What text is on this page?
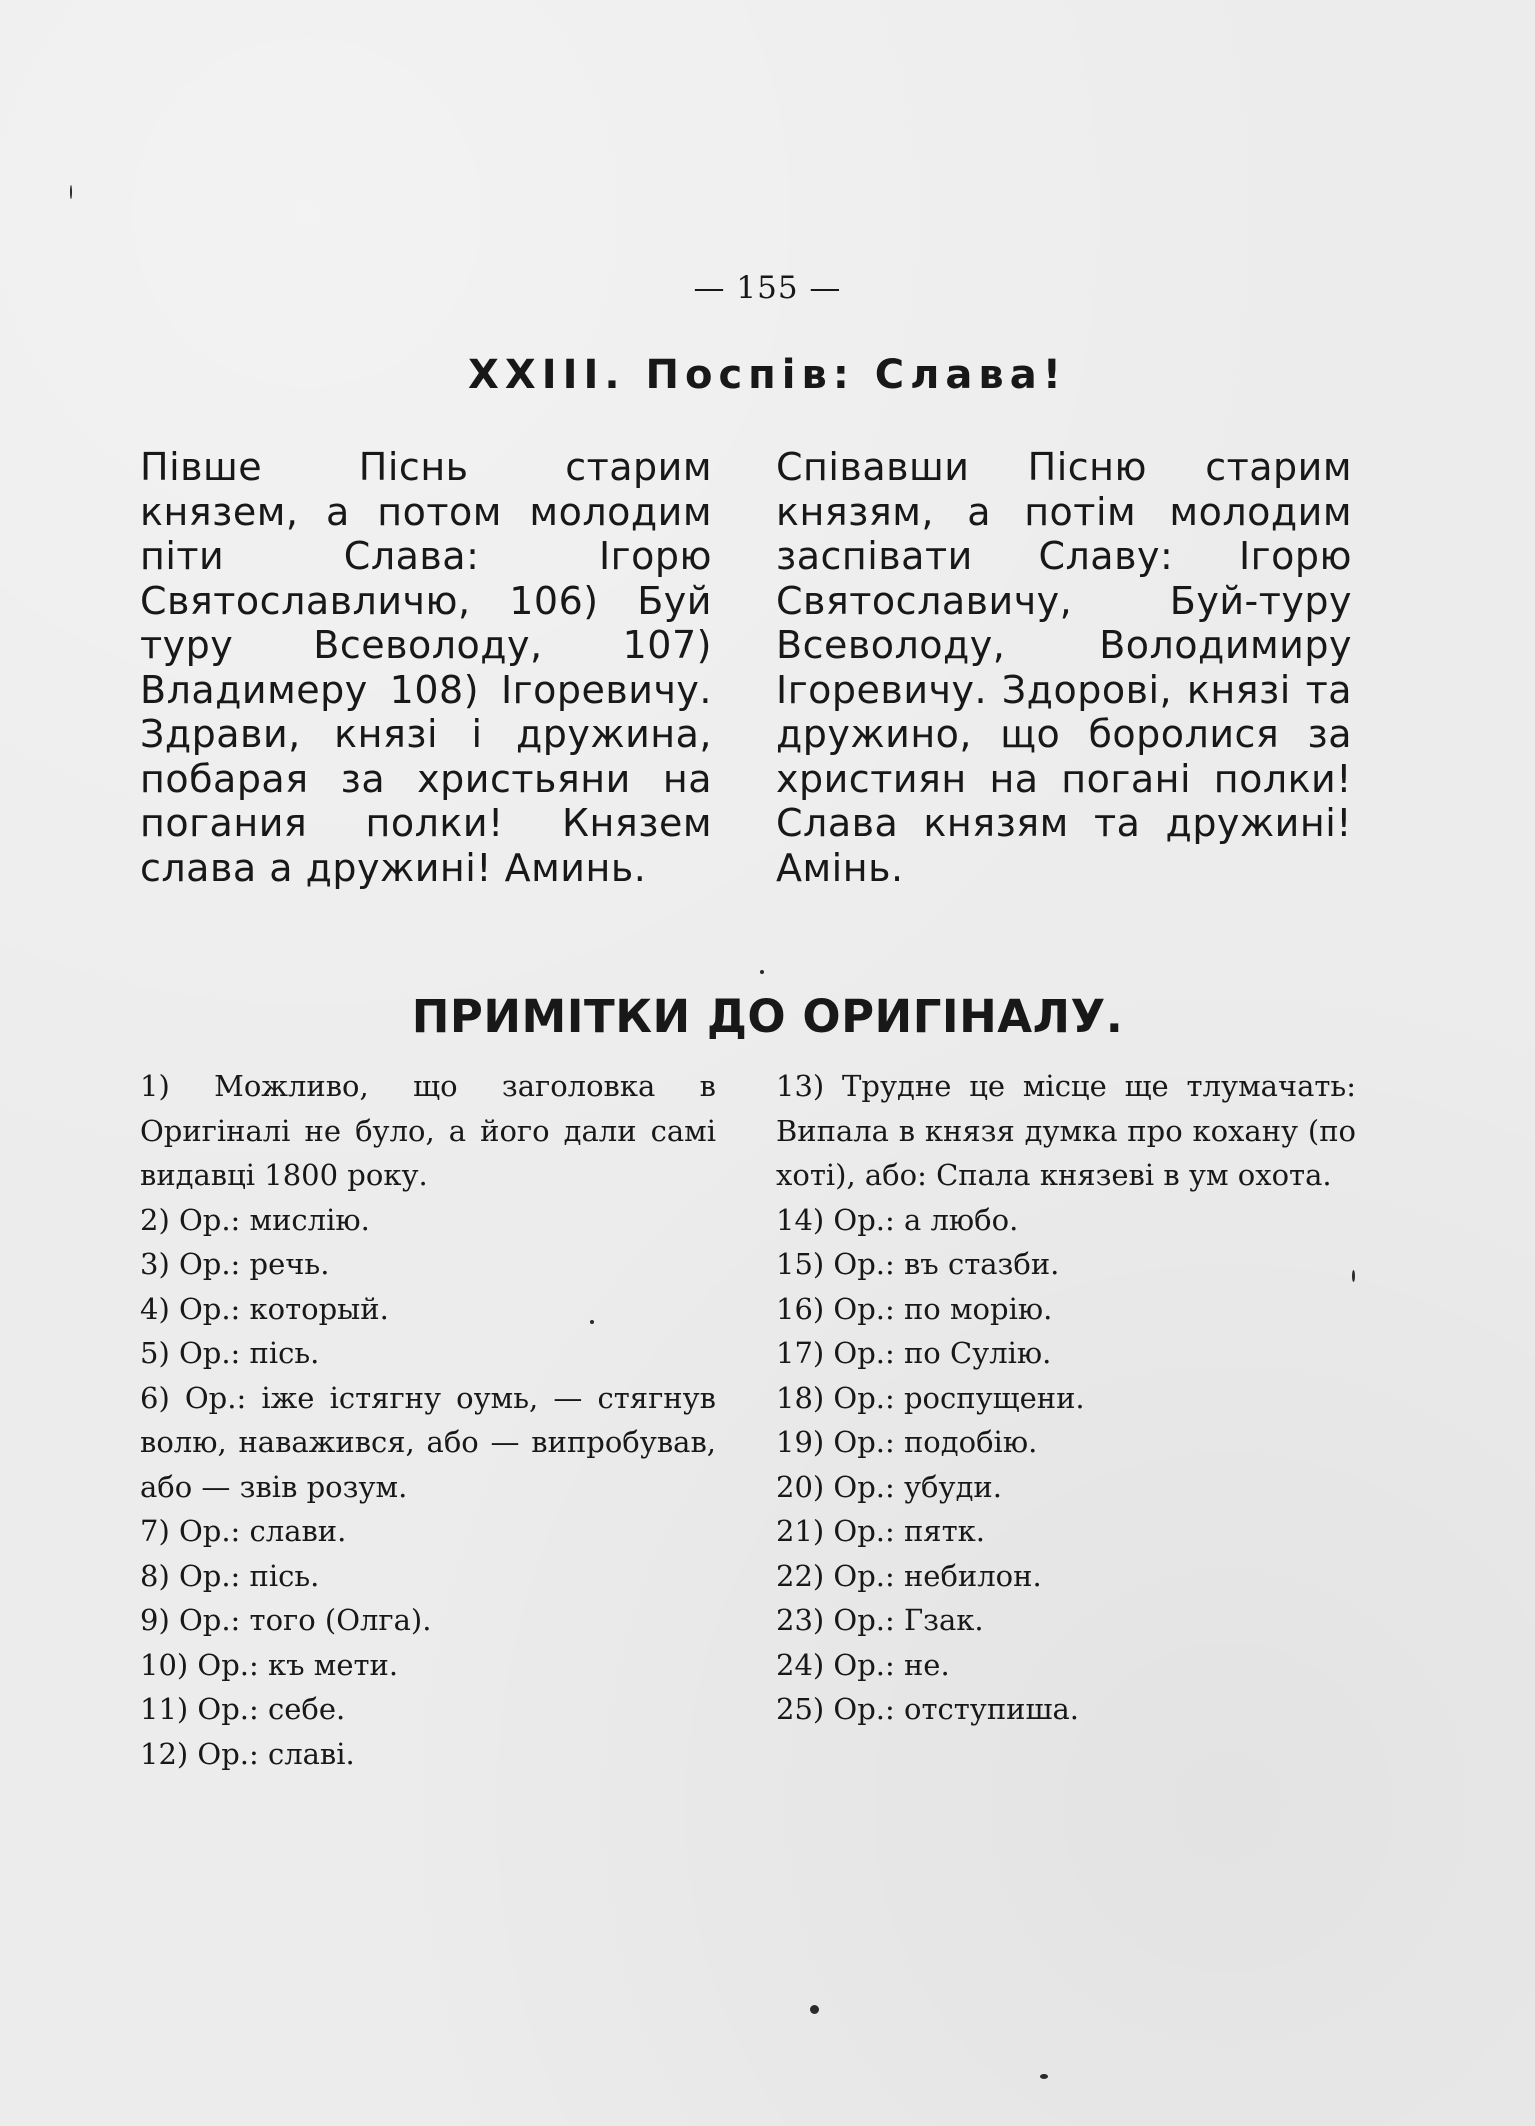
— 155 —
XXIII. Поспів: Слава!
Півше Піснь старим князем, а потом молодим піти Слава: Ігорю Святославличю, 106) Буй туру Всеволоду, 107) Владимеру 108) Ігоревичу. Здрави, князі і дружина, побарая за христьяни на погания полки! Князем слава а дружині! Аминь.
Співавши Пісню старим князям, а потім молодим заспівати Славу: Ігорю Святославичу, Буй-туру Всеволоду, Володимиру Ігоревичу. Здорові, князі та дружино, що боролися за християн на погані полки! Слава князям та дружині! Амінь.
ПРИМІТКИ ДО ОРИГІНАЛУ.
1) Можливо, що заголовка в Оригіналі не було, а його дали самі видавці 1800 року.
2) Ор.: мислію.
3) Ор.: речь.
4) Ор.: который.
5) Ор.: пісь.
6) Ор.: іже істягну оумь, — стягнув волю, наважився, або — випробував, або — звів розум.
7) Ор.: слави.
8) Ор.: пісь.
9) Ор.: того (Олга).
10) Ор.: къ мети.
11) Ор.: себе.
12) Ор.: славі.
13) Трудне це місце ще тлумачать: Випала в князя думка про кохану (по хоті), або: Спала князеві в ум охота.
14) Ор.: а любо.
15) Ор.: въ стазби.
16) Ор.: по морію.
17) Ор.: по Сулію.
18) Ор.: роспущени.
19) Ор.: подобію.
20) Ор.: убуди.
21) Ор.: пятк.
22) Ор.: небилон.
23) Ор.: Гзак.
24) Ор.: не.
25) Ор.: отступиша.
